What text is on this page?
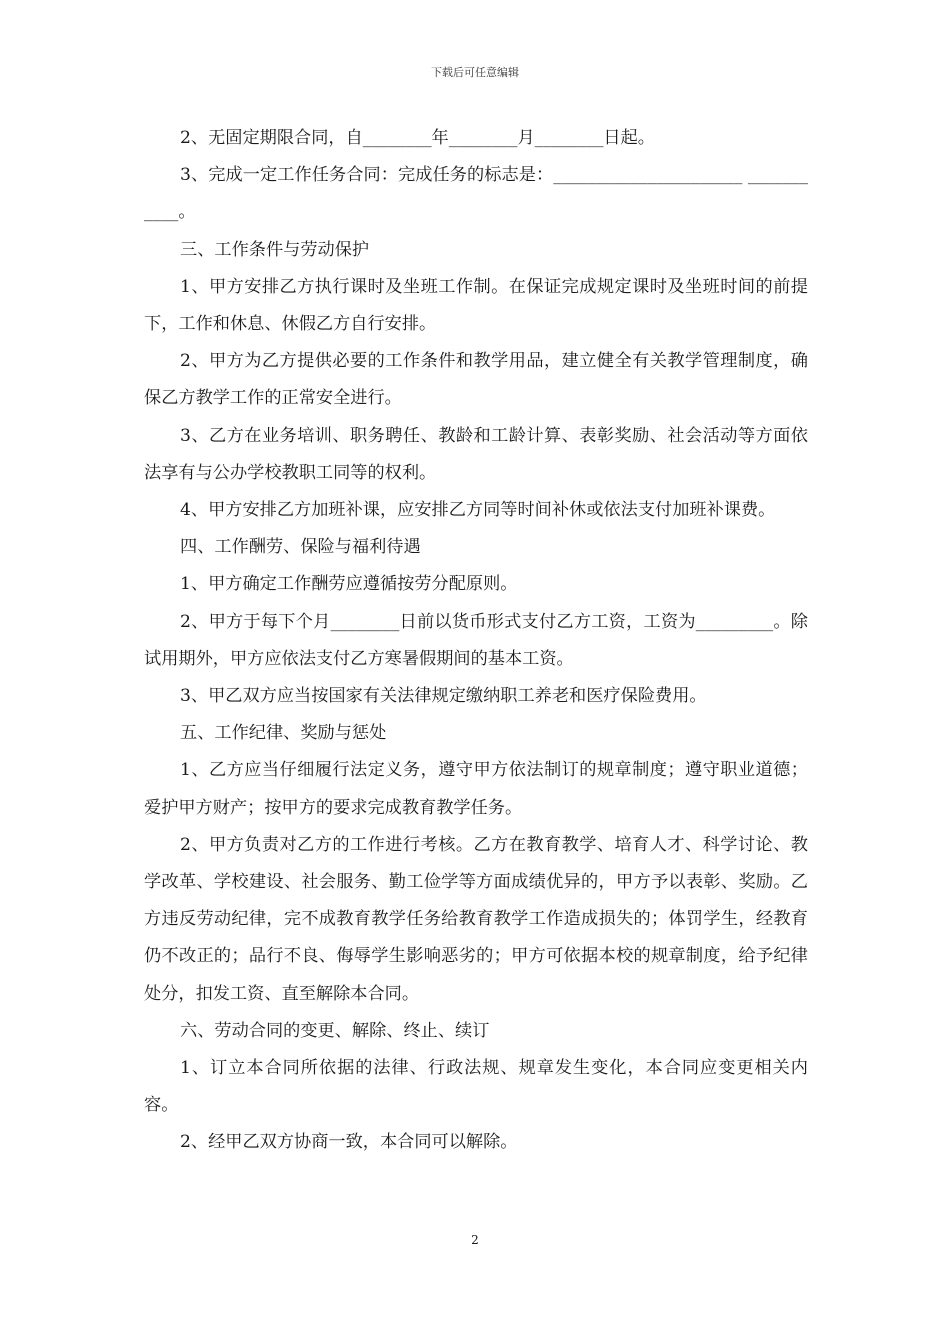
下载后可任意编辑

2、无固定期限合同，自________年________月________日起。

3、完成一定工作任务合同：完成任务的标志是：______________________ ___________。

三、工作条件与劳动保护

1、甲方安排乙方执行课时及坐班工作制。在保证完成规定课时及坐班时间的前提下，工作和休息、休假乙方自行安排。

2、甲方为乙方提供必要的工作条件和教学用品，建立健全有关教学管理制度，确保乙方教学工作的正常安全进行。

3、乙方在业务培训、职务聘任、教龄和工龄计算、表彰奖励、社会活动等方面依法享有与公办学校教职工同等的权利。

4、甲方安排乙方加班补课，应安排乙方同等时间补休或依法支付加班补课费。

四、工作酬劳、保险与福利待遇

1、甲方确定工作酬劳应遵循按劳分配原则。

2、甲方于每下个月________日前以货币形式支付乙方工资，工资为_________。除试用期外，甲方应依法支付乙方寒暑假期间的基本工资。

3、甲乙双方应当按国家有关法律规定缴纳职工养老和医疗保险费用。

五、工作纪律、奖励与惩处

1、乙方应当仔细履行法定义务，遵守甲方依法制订的规章制度；遵守职业道德；爱护甲方财产；按甲方的要求完成教育教学任务。

2、甲方负责对乙方的工作进行考核。乙方在教育教学、培育人才、科学讨论、教学改革、学校建设、社会服务、勤工俭学等方面成绩优异的，甲方予以表彰、奖励。乙方违反劳动纪律，完不成教育教学任务给教育教学工作造成损失的；体罚学生，经教育仍不改正的；品行不良、侮辱学生影响恶劣的；甲方可依据本校的规章制度，给予纪律处分，扣发工资、直至解除本合同。

六、劳动合同的变更、解除、终止、续订

1、订立本合同所依据的法律、行政法规、规章发生变化，本合同应变更相关内容。

2、经甲乙双方协商一致，本合同可以解除。

2
